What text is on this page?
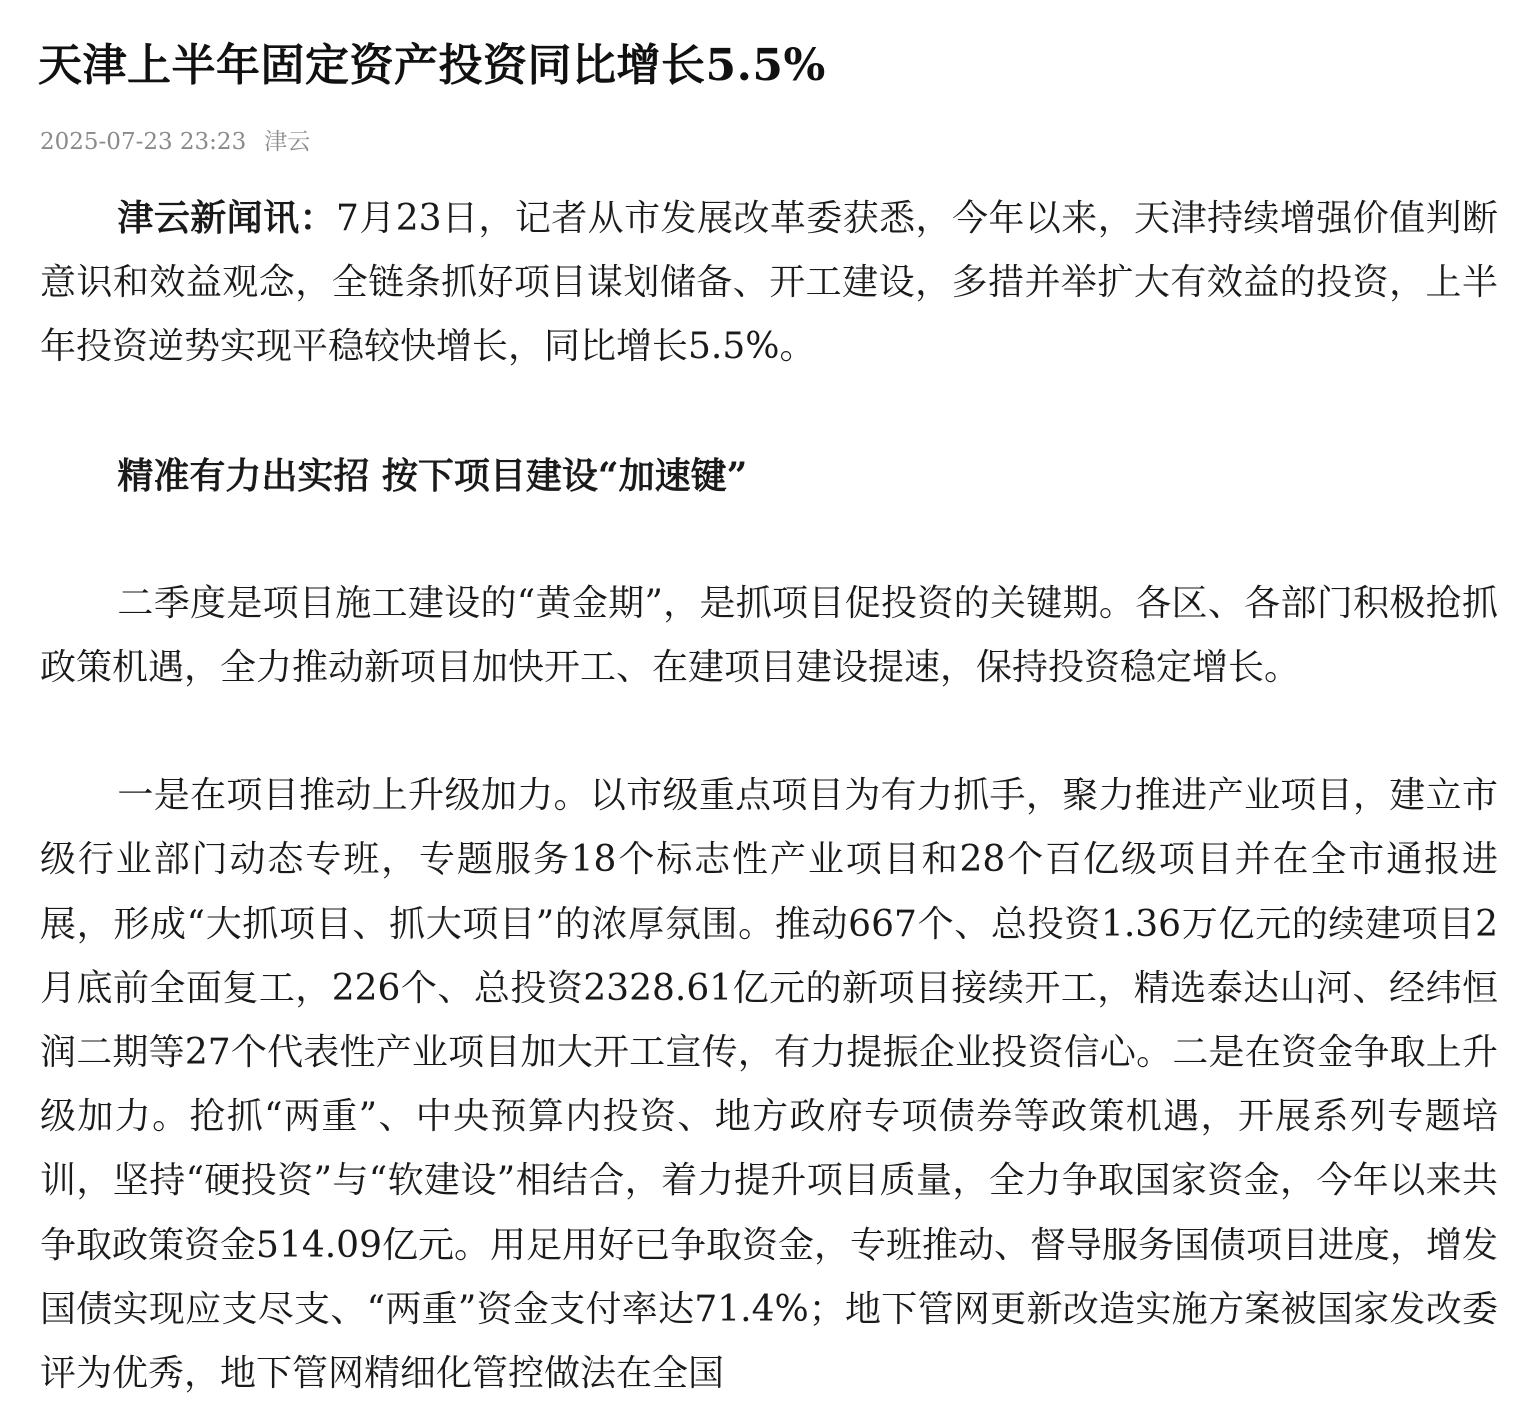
天津上半年固定资产投资同比增长5.5%
2025-07-23 23:23 津云

津云新闻讯：7月23日，记者从市发展改革委获悉，今年以来，天津持续增强价值判断意识和效益观念，全链条抓好项目谋划储备、开工建设，多措并举扩大有效益的投资，上半年投资逆势实现平稳较快增长，同比增长5.5%。

精准有力出实招 按下项目建设“加速键”

二季度是项目施工建设的“黄金期”，是抓项目促投资的关键期。各区、各部门积极抢抓政策机遇，全力推动新项目加快开工、在建项目建设提速，保持投资稳定增长。

一是在项目推动上升级加力。以市级重点项目为有力抓手，聚力推进产业项目，建立市级行业部门动态专班，专题服务18个标志性产业项目和28个百亿级项目并在全市通报进展，形成“大抓项目、抓大项目”的浓厚氛围。推动667个、总投资1.36万亿元的续建项目2月底前全面复工，226个、总投资2328.61亿元的新项目接续开工，精选泰达山河、经纬恒润二期等27个代表性产业项目加大开工宣传，有力提振企业投资信心。二是在资金争取上升级加力。抢抓“两重”、中央预算内投资、地方政府专项债券等政策机遇，开展系列专题培训，坚持“硬投资”与“软建设”相结合，着力提升项目质量，全力争取国家资金，今年以来共争取政策资金514.09亿元。用足用好已争取资金，专班推动、督导服务国债项目进度，增发国债实现应支尽支、“两重”资金支付率达71.4%；地下管网更新改造实施方案被国家发改委评为优秀，地下管网精细化管控做法在全国
